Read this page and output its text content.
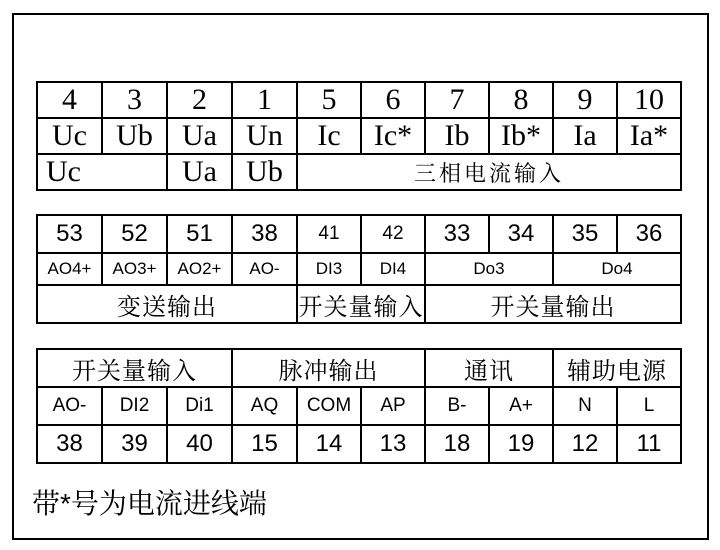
4	3	2	1	5	6	7	8	9	10
Uc	Ub	Ua	Un	Ic	Ic*	Ib	Ib*	Ia	Ia*
Uc		Ua	Ub	三相电流输入					
53	52	51	38	41	42	33	34	35	36
AO4+	AO3+	AO2+	AO-	DI3	DI4	Do3		Do4	
变送输出				开关量输入		开关量输出			
开关量输入			脉冲输出			通讯		辅助电源	
AO-	DI2	Di1	AQ	COM	AP	B-	A+	N	L
38	39	40	15	14	13	18	19	12	11
带*号为电流进线端
